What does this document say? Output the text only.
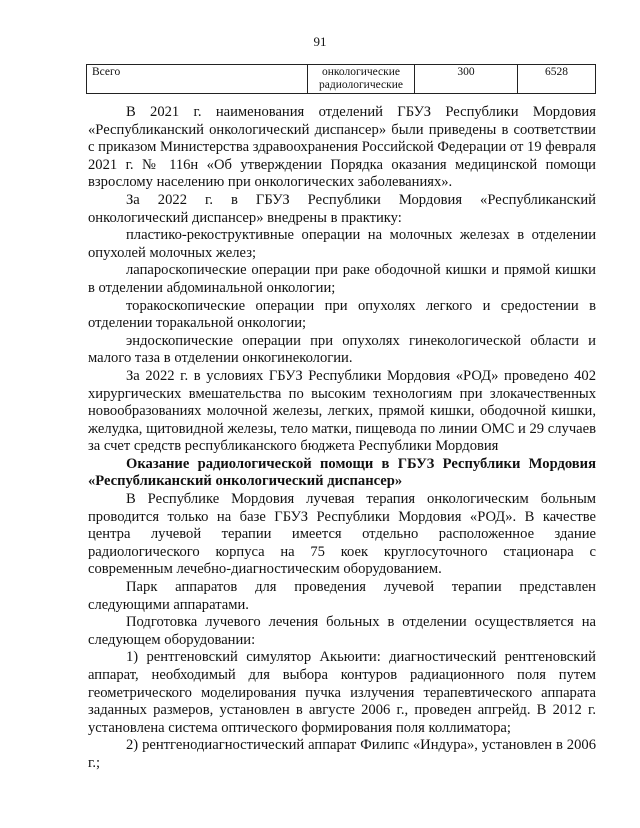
91
Всего	онкологические радиологические	300	6528

В 2021 г. наименования отделений ГБУЗ Республики Мордовия «Республиканский онкологический диспансер» были приведены в соответствии с приказом Министерства здравоохранения Российской Федерации от 19 февраля 2021 г. № 116н «Об утверждении Порядка оказания медицинской помощи взрослому населению при онкологических заболеваниях».

За 2022 г. в ГБУЗ Республики Мордовия «Республиканский онкологический диспансер» внедрены в практику:

пластико-рекоструктивные операции на молочных железах в отделении опухолей молочных желез;

лапароскопические операции при раке ободочной кишки и прямой кишки в отделении абдоминальной онкологии;

торакоскопические операции при опухолях легкого и средостении в отделении торакальной онкологии;

эндоскопические операции при опухолях гинекологической области и малого таза в отделении онкогинекологии.

За 2022 г. в условиях ГБУЗ Республики Мордовия «РОД» проведено 402 хирургических вмешательства по высоким технологиям при злокачественных новообразованиях молочной железы, легких, прямой кишки, ободочной кишки, желудка, щитовидной железы, тело матки, пищевода по линии ОМС и 29 случаев за счет средств республиканского бюджета Республики Мордовия

Оказание радиологической помощи в ГБУЗ Республики Мордовия «Республиканский онкологический диспансер»

В Республике Мордовия лучевая терапия онкологическим больным проводится только на базе ГБУЗ Республики Мордовия «РОД». В качестве центра лучевой терапии имеется отдельно расположенное здание радиологического корпуса на 75 коек круглосуточного стационара с современным лечебно-диагностическим оборудованием.

Парк аппаратов для проведения лучевой терапии представлен следующими аппаратами.

Подготовка лучевого лечения больных в отделении осуществляется на следующем оборудовании:

1) рентгеновский симулятор Акьюити: диагностический рентгеновский аппарат, необходимый для выбора контуров радиационного поля путем геометрического моделирования пучка излучения терапевтического аппарата заданных размеров, установлен в августе 2006 г., проведен апгрейд. В 2012 г. установлена система оптического формирования поля коллиматора;

2) рентгенодиагностический аппарат Филипс «Индура», установлен в 2006 г.;
